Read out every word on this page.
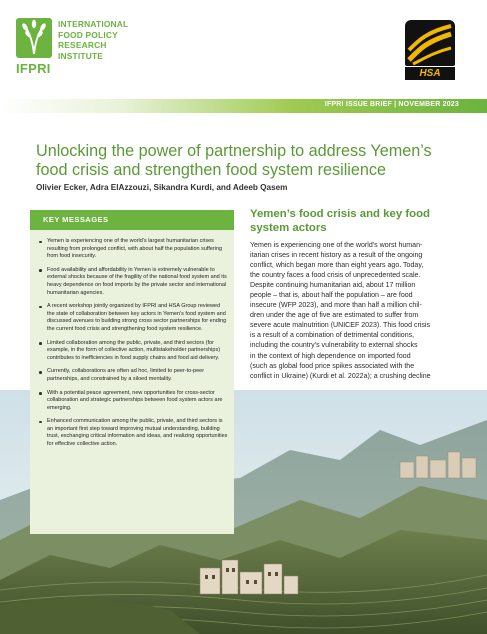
INTERNATIONAL
FOOD POLICY
RESEARCH
INSTITUTE
IFPRI	HSA
IFPRI ISSUE BRIEF | NOVEMBER 2023
Unlocking the power of partnership to address Yemen’s food crisis and strengthen food system resilience
Olivier Ecker, Adra ElAzzouzi, Sikandra Kurdi, and Adeeb Qasem
KEY MESSAGES
Yemen is experiencing one of the world’s largest humanitarian crises resulting from prolonged conflict, with about half the population suffering from food insecurity.
Food availability and affordability in Yemen is extremely vulnerable to external shocks because of the fragility of the national food system and its heavy dependence on food imports by the private sector and international humanitarian agencies.
A recent workshop jointly organized by IFPRI and HSA Group reviewed the state of collaboration between key actors in Yemen’s food system and discussed avenues to building strong cross sector partnerships for ending the current food crisis and strengthening food system resilience.
Limited collaboration among the public, private, and third sectors (for example, in the form of collective action, multistakeholder partnerships) contributes to inefficiencies in food supply chains and food aid delivery.
Currently, collaborations are often ad hoc, limited to peer-to-peer partnerships, and constrained by a siloed mentality.
With a potential peace agreement, new opportunities for cross-sector collaboration and strategic partnerships between food system actors are emerging.
Enhanced communication among the public, private, and third sectors is an important first step toward improving mutual understanding, building trust, exchanging critical information and ideas, and realizing opportunities for effective collective action.
Yemen’s food crisis and key food system actors
Yemen is experiencing one of the world’s worst human-
itarian crises in recent history as a result of the ongoing
conflict, which began more than eight years ago. Today,
the country faces a food crisis of unprecedented scale.
Despite continuing humanitarian aid, about 17 million
people – that is, about half the population – are food
insecure (WFP 2023), and more than half a million chil-
dren under the age of five are estimated to suffer from
severe acute malnutrition (UNICEF 2023). This food crisis
is a result of a combination of detrimental conditions,
including the country’s vulnerability to external shocks
in the context of high dependence on imported food
(such as global food price spikes associated with the
conflict in Ukraine) (Kurdi et al. 2022a); a crushing decline
